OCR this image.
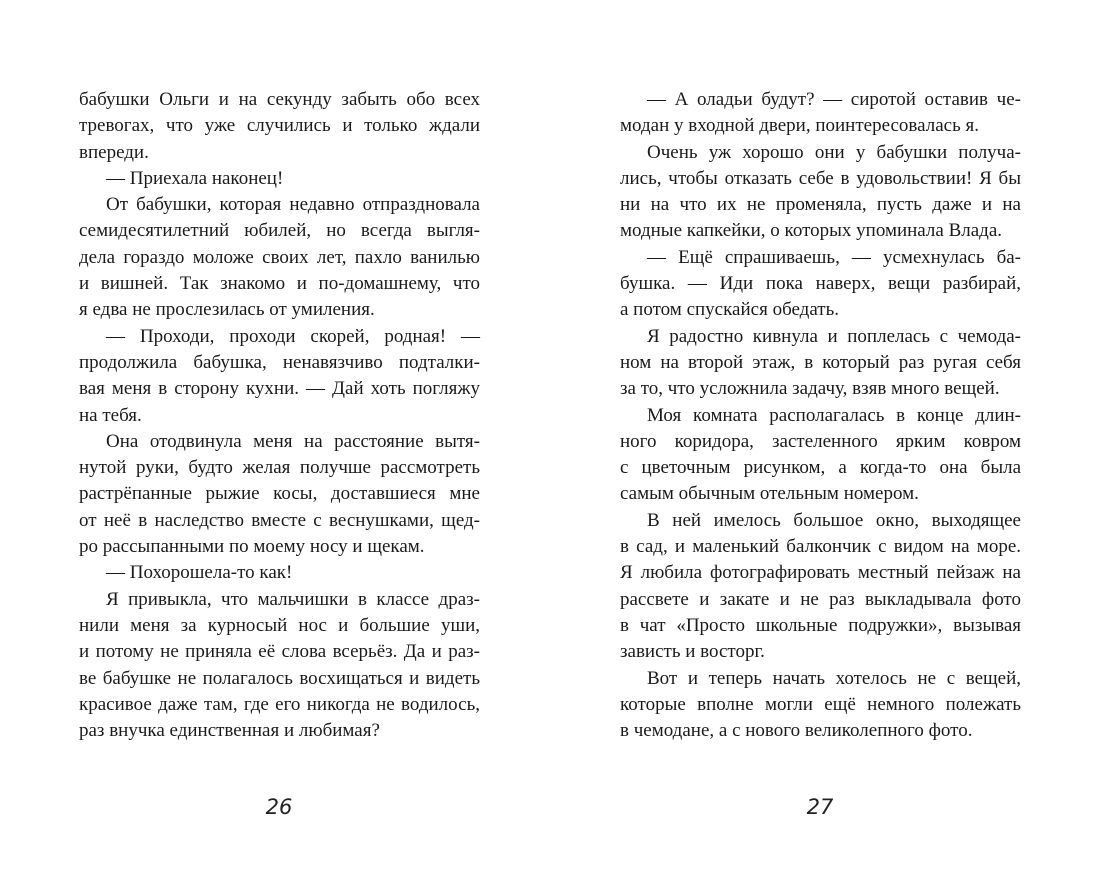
бабушки Ольги и на секунду забыть обо всех
тревогах, что уже случились и только ждали
впереди.
— Приехала наконец!
От бабушки, которая недавно отпраздновала
семидесятилетний юбилей, но всегда выгля-
дела гораздо моложе своих лет, пахло ванилью
и вишней. Так знакомо и по-домашнему, что
я едва не прослезилась от умиления.
— Проходи, проходи скорей, родная! —
продолжила бабушка, ненавязчиво подталки-
вая меня в сторону кухни. — Дай хоть погляжу
на тебя.
Она отодвинула меня на расстояние вытя-
нутой руки, будто желая получше рассмотреть
растрёпанные рыжие косы, доставшиеся мне
от неё в наследство вместе с веснушками, щед-
ро рассыпанными по моему носу и щекам.
— Похорошела-то как!
Я привыкла, что мальчишки в классе драз-
нили меня за курносый нос и большие уши,
и потому не приняла её слова всерьёз. Да и раз-
ве бабушке не полагалось восхищаться и видеть
красивое даже там, где его никогда не водилось,
раз внучка единственная и любимая?
26
— А оладьи будут? — сиротой оставив че-
модан у входной двери, поинтересовалась я.
Очень уж хорошо они у бабушки получа-
лись, чтобы отказать себе в удовольствии! Я бы
ни на что их не променяла, пусть даже и на
модные капкейки, о которых упоминала Влада.
— Ещё спрашиваешь, — усмехнулась ба-
бушка. — Иди пока наверх, вещи разбирай,
а потом спускайся обедать.
Я радостно кивнула и поплелась с чемода-
ном на второй этаж, в который раз ругая себя
за то, что усложнила задачу, взяв много вещей.
Моя комната располагалась в конце длин-
ного коридора, застеленного ярким ковром
с цветочным рисунком, а когда-то она была
самым обычным отельным номером.
В ней имелось большое окно, выходящее
в сад, и маленький балкончик с видом на море.
Я любила фотографировать местный пейзаж на
рассвете и закате и не раз выкладывала фото
в чат «Просто школьные подружки», вызывая
зависть и восторг.
Вот и теперь начать хотелось не с вещей,
которые вполне могли ещё немного полежать
в чемодане, а с нового великолепного фото.
27
